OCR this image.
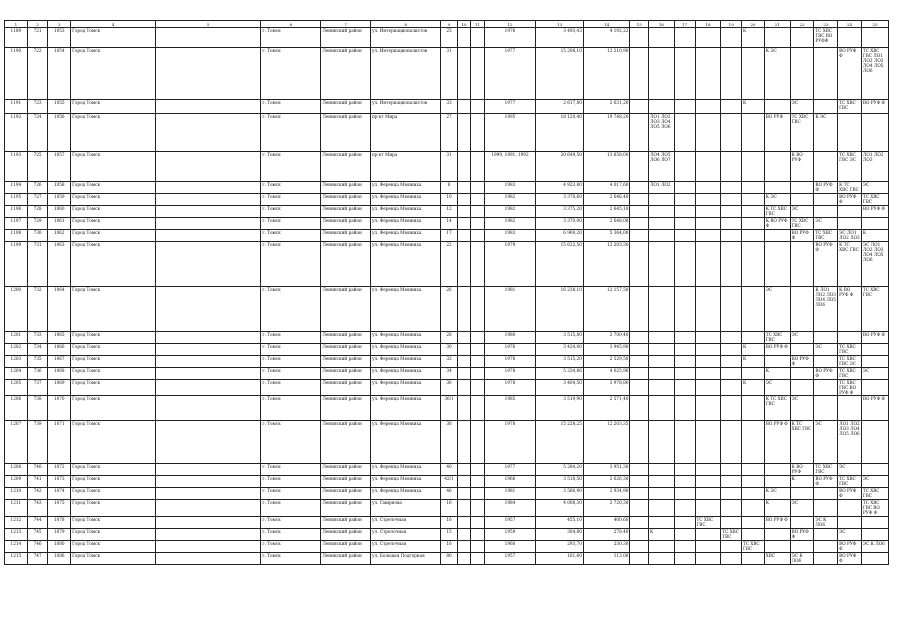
1	2	3	4	5	6	7	8	9	10	11	12	13	14	15	16	17	18	19	20	21	22	23	24	25
1189	721	1053	Город Томск		г. Томск	Ленинский район	ул. Интернационалистов	25			1976	3 493,43	4 192,22						К			ТС ХВС ГВС ВО РУФФ		
1190	722	1054	Город Томск		г. Томск	Ленинский район	ул. Интернационалистов	31			1977	15 206,10	12 210,90							К ЭС			ВО РУФ Ф	ТС ХВС ГВС ЛО1 ЛО2 ЛО3 ЛО4 ЛО5 ЛО6
1191	723	1055	Город Томск		г. Томск	Ленинский район	ул. Интернационалистов	33			1977	2 617,80	2 631,20						К		ЭС		ТС ХВС ГВС	ВО РУФ Ф
1192	724	1056	Город Томск		г. Томск	Ленинский район	пр-кт Мира	27			1995	18 120,40	19 748,20		ЛО1 ЛО2 ЛО3 ЛО4 ЛО5 ЛО6					ВО РУФ	ТС ХВС ГВС	К ЭС		
1193	725	1057	Город Томск		г. Томск	Ленинский район	пр-кт Мира	31			1990, 1991, 1992	20 649,50	13 858,00		ЛО4 ЛО5 ЛО6 ЛО7						К ВО РУФ		ТС ХВС ГВС ЭС	ЛО1 ЛО2 ЛО3
1194	726	1058	Город Томск		г. Томск	Ленинский район	ул. Ференца Мюнниха	8			1983	4 923,80	4 017,60		ЛО1 ЛО2							ВО РУФ Ф	К ТС ХВС ГВС	ЭС
1195	727	1059	Город Томск		г. Томск	Ленинский район	ул. Ференца Мюнниха	10			1982	3 378,60	2 646,40							К ЭС			ВО РУФ Ф	ТС ХВС ГВС
1196	728	1060	Город Томск		г. Томск	Ленинский район	ул. Ференца Мюнниха	12			1982	3 375,20	2 645,10							К ТС ХВС ГВС	ЭС			ВО РУФ Ф
1197	729	1061	Город Томск		г. Томск	Ленинский район	ул. Ференца Мюнниха	14			1982	3 370,00	2 648,00							К ВО РУФ Ф	ТС ХВС ГВС	ЭС		
1198	730	1062	Город Томск		г. Томск	Ленинский район	ул. Ференца Мюнниха	17			1983	6 969,20	5 364,00								ВО РУФ Ф	ТС ХВС ГВС	ЭС ЛО1 ЛО2 ЛО3	К
1199	731	1063	Город Томск		г. Томск	Ленинский район	ул. Ференца Мюнниха	22			1979	15 632,50	12 203,30									ВО РУФ Ф	К ТС ХВС ГВС	ЭС ЛО1 ЛО2 ЛО3 ЛО4 ЛО5 ЛО6
1200	732	1064	Город Томск		г. Томск	Ленинский район	ул. Ференца Мюнниха	26			1981	16 238,10	12 157,50							ЭС		К ЛО1 ЛО2 ЛО3 ЛО4 ЛО5 ЛО6	К ВО РУФ Ф	ТС ХВС ГВС
1201	733	1065	Город Томск		г. Томск	Ленинский район	ул. Ференца Мюнниха	28			1980	3 515,80	2 700,40							ТС ХВС ГВС	ЭС			ВО РУФ Ф
1202	734	1066	Город Томск		г. Томск	Ленинский район	ул. Ференца Мюнниха	30			1976	3 424,00	3 945,90						К	ВО РУФ Ф		ЭС	ТС ХВС ГВС	
1203	735	1067	Город Томск		г. Томск	Ленинский район	ул. Ференца Мюнниха	32			1976	3 515,20	2 529,50						К		ВО РУФ Ф		ТС ХВС ГВС ЭС	
1204	736	1068	Город Томск		г. Томск	Ленинский район	ул. Ференца Мюнниха	34			1978	5 234,86	4 025,96							К		ВО РУФ Ф	ТС ХВС ГВС	ЭС
1205	737	1069	Город Томск		г. Томск	Ленинский район	ул. Ференца Мюнниха	36			1978	3 404,50	3 978,80						К	ЭС			ТС ХВС ГВС ВО РУФ Ф	
1206	738	1070	Город Томск		г. Томск	Ленинский район	ул. Ференца Мюнниха	36/1			1985	3 519,90	2 571,40							К ТС ХВС ГВС	ЭС			ВО РУФ Ф
1207	739	1071	Город Томск		г. Томск	Ленинский район	ул. Ференца Мюнниха	38			1978	15 228,25	12 203,35							ВО РУФ Ф	К ТС ХВС ГВС	ЭС	ЛО1 ЛО2 ЛО3 ЛО4 ЛО5 ЛО6	
1208	740	1072	Город Томск		г. Томск	Ленинский район	ул. Ференца Мюнниха	40			1977	5 284,20	3 951,30								К ВО РУФ	ТС ХВС ГВС	ЭС	
1209	741	1073	Город Томск		г. Томск	Ленинский район	ул. Ференца Мюнниха	42/1			1966	3 518,50	2 626,30								К	ВО РУФ Ф	ТС ХВС ГВС	ЭС
1210	742	1074	Город Томск		г. Томск	Ленинский район	ул. Ференца Мюнниха	46			1981	3 566,90	2 934,90							К ЭС			ВО РУФ Ф	ТС ХВС ГВС
1211	743	1075	Город Томск		г. Томск	Ленинский район	ул. Смирнова	16			1984	4 008,30	2 720,30							К	ЭС			ТС ХВС ГВС ВО РУФ Ф
1212	744	1078	Город Томск		г. Томск	Ленинский район	ул. Стрелочная	16			1957	455,10	400,60				ТС ХВС ГВС			ВО РУФ Ф		ЭС К ЛО6		
1213	745	1079	Город Томск		г. Томск	Ленинский район	ул. Стрелочная	15			1959	304,80	278,40		К			ТС ХВС ГВС			ВО РУФ Ф		ЭС	
1214	746	1080	Город Томск		г. Томск	Ленинский район	ул. Стрелочная	16			1960	293,70	230,30						ТС ХВС ГВС				ВО РУФ Ф	ЭС К ЛО6
1215	747	1086	Город Томск		г. Томск	Ленинский район	ул. Большая Подгорная	80			1957	161,60	113,00							ХВС	ЭС К ЛО6		ВО РУФ Ф	
